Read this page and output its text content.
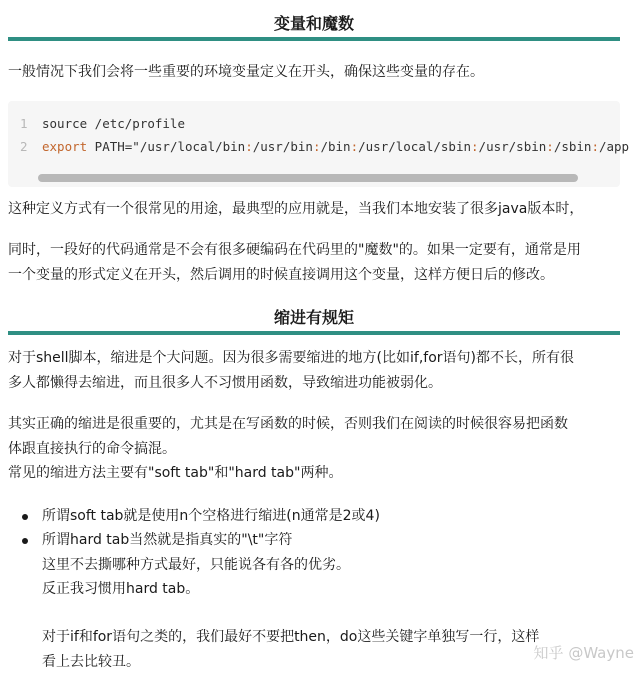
变量和魔数
一般情况下我们会将一些重要的环境变量定义在开头，确保这些变量的存在。
1	source /etc/profile
2	export PATH="/usr/local/bin:/usr/bin:/bin:/usr/local/sbin:/usr/sbin:/sbin:/app
这种定义方式有一个很常见的用途，最典型的应用就是，当我们本地安装了很多java版本时，
同时，一段好的代码通常是不会有很多硬编码在代码里的"魔数"的。如果一定要有，通常是用
一个变量的形式定义在开头，然后调用的时候直接调用这个变量，这样方便日后的修改。
缩进有规矩
对于shell脚本，缩进是个大问题。因为很多需要缩进的地方(比如if,for语句)都不长，所有很
多人都懒得去缩进，而且很多人不习惯用函数，导致缩进功能被弱化。
其实正确的缩进是很重要的，尤其是在写函数的时候，否则我们在阅读的时候很容易把函数
体跟直接执行的命令搞混。
常见的缩进方法主要有"soft tab"和"hard tab"两种。
所谓soft tab就是使用n个空格进行缩进(n通常是2或4)
所谓hard tab当然就是指真实的"\t"字符
这里不去撕哪种方式最好，只能说各有各的优劣。
反正我习惯用hard tab。
对于if和for语句之类的，我们最好不要把then，do这些关键字单独写一行，这样
看上去比较丑。	知乎 @Wayne
